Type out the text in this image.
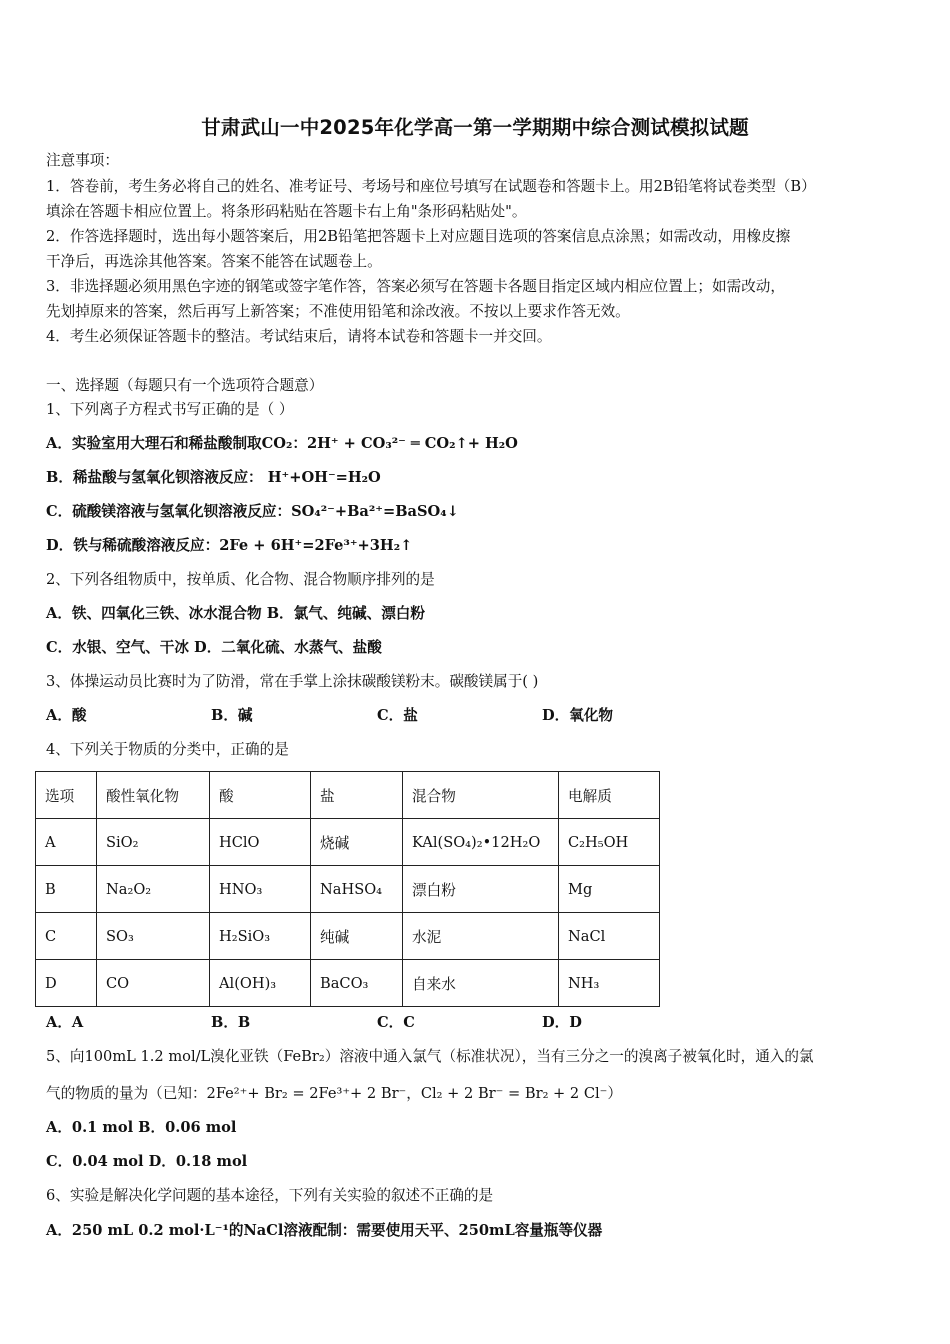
甘肃武山一中2025年化学高一第一学期期中综合测试模拟试题
注意事项：
1．答卷前，考生务必将自己的姓名、准考证号、考场号和座位号填写在试题卷和答题卡上。用2B铅笔将试卷类型（B）
填涂在答题卡相应位置上。将条形码粘贴在答题卡右上角"条形码粘贴处"。
2．作答选择题时，选出每小题答案后，用2B铅笔把答题卡上对应题目选项的答案信息点涂黑；如需改动，用橡皮擦
干净后，再选涂其他答案。答案不能答在试题卷上。
3．非选择题必须用黑色字迹的钢笔或签字笔作答，答案必须写在答题卡各题目指定区域内相应位置上；如需改动，
先划掉原来的答案，然后再写上新答案；不准使用铅笔和涂改液。不按以上要求作答无效。
4．考生必须保证答题卡的整洁。考试结束后，请将本试卷和答题卡一并交回。
一、选择题（每题只有一个选项符合题意）
1、下列离子方程式书写正确的是（ ）
A．实验室用大理石和稀盐酸制取CO₂：2H⁺ + CO₃²⁻ ═ CO₂↑+ H₂O
B．稀盐酸与氢氧化钡溶液反应： H⁺+OH⁻=H₂O
C．硫酸镁溶液与氢氧化钡溶液反应：SO₄²⁻+Ba²⁺=BaSO₄↓
D．铁与稀硫酸溶液反应：2Fe + 6H⁺=2Fe³⁺+3H₂↑
2、下列各组物质中，按单质、化合物、混合物顺序排列的是
A．铁、四氧化三铁、冰水混合物 B．氯气、纯碱、漂白粉
C．水银、空气、干冰 D．二氧化硫、水蒸气、盐酸
3、体操运动员比赛时为了防滑，常在手掌上涂抹碳酸镁粉末。碳酸镁属于( )
A．酸	B．碱	C．盐	D．氧化物
4、下列关于物质的分类中，正确的是
选项	酸性氧化物	酸	盐	混合物	电解质
A	SiO₂	HClO	烧碱	KAl(SO₄)₂•12H₂O	C₂H₅OH
B	Na₂O₂	HNO₃	NaHSO₄	漂白粉	Mg
C	SO₃	H₂SiO₃	纯碱	水泥	NaCl
D	CO	Al(OH)₃	BaCO₃	自来水	NH₃
A．A	B．B	C．C	D．D
5、向100mL 1.2 mol/L溴化亚铁（FeBr₂）溶液中通入氯气（标准状况），当有三分之一的溴离子被氧化时，通入的氯
气的物质的量为（已知：2Fe²⁺+ Br₂ = 2Fe³⁺+ 2 Br⁻，Cl₂ + 2 Br⁻ = Br₂ + 2 Cl⁻）
A．0.1 mol B．0.06 mol
C．0.04 mol D．0.18 mol
6、实验是解决化学问题的基本途径，下列有关实验的叙述不正确的是
A．250 mL 0.2 mol·L⁻¹的NaCl溶液配制：需要使用天平、250mL容量瓶等仪器
